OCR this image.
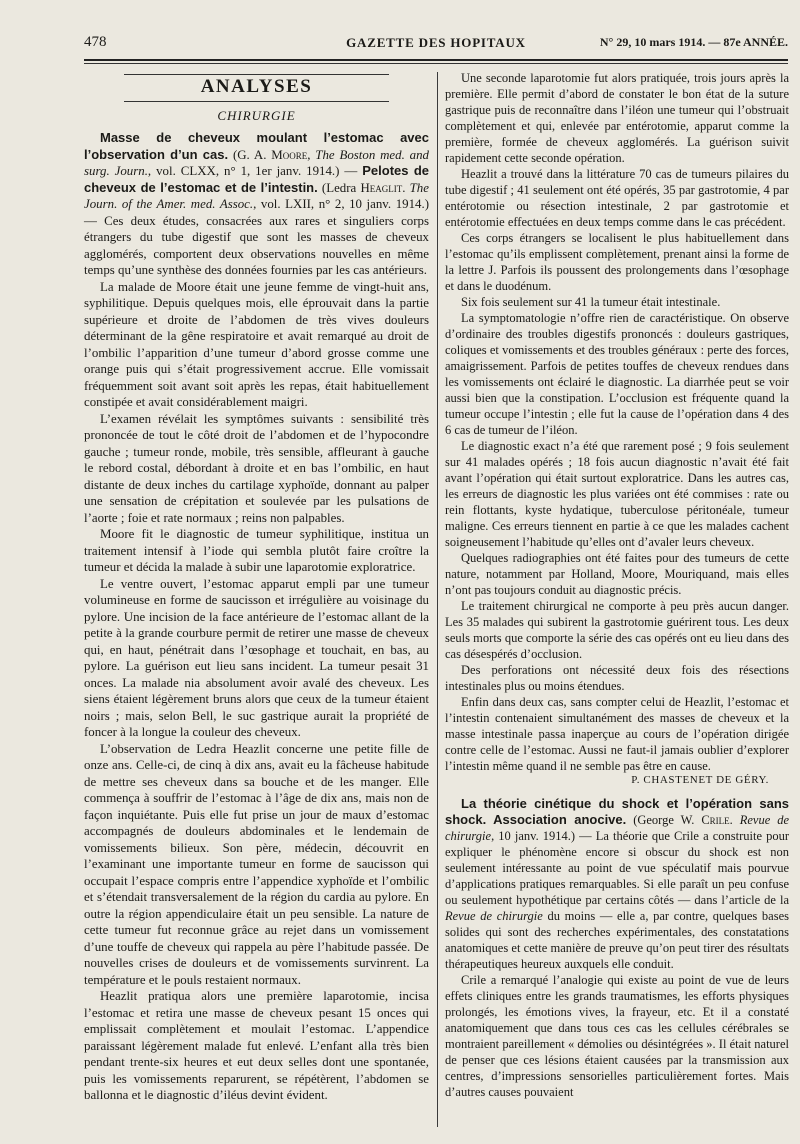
478	GAZETTE DES HOPITAUX	N° 29, 10 mars 1914. — 87e ANNÉE.
ANALYSES
CHIRURGIE

Masse de cheveux moulant l’estomac avec l’observation d’un cas. (G. A. Moore, The Boston med. and surg. Journ., vol. CLXX, n° 1, 1er janv. 1914.) — Pelotes de cheveux de l’estomac et de l’intestin. (Ledra Heaglit. The Journ. of the Amer. med. Assoc., vol. LXII, n° 2, 10 janv. 1914.) — Ces deux études, consacrées aux rares et singuliers corps étrangers du tube digestif que sont les masses de cheveux agglomérés, comportent deux observations nouvelles en même temps qu’une synthèse des données fournies par les cas antérieurs.

La malade de Moore était une jeune femme de vingt-huit ans, syphilitique. Depuis quelques mois, elle éprouvait dans la partie supérieure et droite de l’abdomen de très vives douleurs déterminant de la gêne respiratoire et avait remarqué au droit de l’ombilic l’apparition d’une tumeur d’abord grosse comme une orange puis qui s’était progressivement accrue. Elle vomissait fréquemment soit avant soit après les repas, était habituellement constipée et avait considérablement maigri.

L’examen révélait les symptômes suivants : sensibilité très prononcée de tout le côté droit de l’abdomen et de l’hypocondre gauche ; tumeur ronde, mobile, très sensible, affleurant à gauche le rebord costal, débordant à droite et en bas l’ombilic, en haut distante de deux inches du cartilage xyphoïde, donnant au palper une sensation de crépitation et soulevée par les pulsations de l’aorte ; foie et rate normaux ; reins non palpables.

Moore fit le diagnostic de tumeur syphilitique, institua un traitement intensif à l’iode qui sembla plutôt faire croître la tumeur et décida la malade à subir une laparotomie exploratrice.

Le ventre ouvert, l’estomac apparut empli par une tumeur volumineuse en forme de saucisson et irrégulière au voisinage du pylore. Une incision de la face antérieure de l’estomac allant de la petite à la grande courbure permit de retirer une masse de cheveux qui, en haut, pénétrait dans l’œsophage et touchait, en bas, au pylore. La guérison eut lieu sans incident. La tumeur pesait 31 onces. La malade nia absolument avoir avalé des cheveux. Les siens étaient légèrement bruns alors que ceux de la tumeur étaient noirs ; mais, selon Bell, le suc gastrique aurait la propriété de foncer à la longue la couleur des cheveux.

L’observation de Ledra Heazlit concerne une petite fille de onze ans. Celle-ci, de cinq à dix ans, avait eu la fâcheuse habitude de mettre ses cheveux dans sa bouche et de les manger. Elle commença à souffrir de l’estomac à l’âge de dix ans, mais non de façon inquiétante. Puis elle fut prise un jour de maux d’estomac accompagnés de douleurs abdominales et le lendemain de vomissements bilieux. Son père, médecin, découvrit en l’examinant une importante tumeur en forme de saucisson qui occupait l’espace compris entre l’appendice xyphoïde et l’ombilic et s’étendait transversalement de la région du cardia au pylore. En outre la région appendiculaire était un peu sensible. La nature de cette tumeur fut reconnue grâce au rejet dans un vomissement d’une touffe de cheveux qui rappela au père l’habitude passée. De nouvelles crises de douleurs et de vomissements survinrent. La température et le pouls restaient normaux.

Heazlit pratiqua alors une première laparotomie, incisa l’estomac et retira une masse de cheveux pesant 15 onces qui emplissait complètement et moulait l’estomac. L’appendice paraissant légèrement malade fut enlevé. L’enfant alla très bien pendant trente-six heures et eut deux selles dont une spontanée, puis les vomissements reparurent, se répétèrent, l’abdomen se ballonna et le diagnostic d’iléus devint évident.

Une seconde laparotomie fut alors pratiquée, trois jours après la première. Elle permit d’abord de constater le bon état de la suture gastrique puis de reconnaître dans l’iléon une tumeur qui l’obstruait complètement et qui, enlevée par entérotomie, apparut comme la première, formée de cheveux agglomérés. La guérison suivit rapidement cette seconde opération.

Heazlit a trouvé dans la littérature 70 cas de tumeurs pilaires du tube digestif ; 41 seulement ont été opérés, 35 par gastrotomie, 4 par entérotomie ou résection intestinale, 2 par gastrotomie et entérotomie effectuées en deux temps comme dans le cas précédent.

Ces corps étrangers se localisent le plus habituellement dans l’estomac qu’ils emplissent complètement, prenant ainsi la forme de la lettre J. Parfois ils poussent des prolongements dans l’œsophage et dans le duodénum.

Six fois seulement sur 41 la tumeur était intestinale.

La symptomatologie n’offre rien de caractéristique. On observe d’ordinaire des troubles digestifs prononcés : douleurs gastriques, coliques et vomissements et des troubles généraux : perte des forces, amaigrissement. Parfois de petites touffes de cheveux rendues dans les vomissements ont éclairé le diagnostic. La diarrhée peut se voir aussi bien que la constipation. L’occlusion est fréquente quand la tumeur occupe l’intestin ; elle fut la cause de l’opération dans 4 des 6 cas de tumeur de l’iléon.

Le diagnostic exact n’a été que rarement posé ; 9 fois seulement sur 41 malades opérés ; 18 fois aucun diagnostic n’avait été fait avant l’opération qui était surtout exploratrice. Dans les autres cas, les erreurs de diagnostic les plus variées ont été commises : rate ou rein flottants, kyste hydatique, tuberculose péritonéale, tumeur maligne. Ces erreurs tiennent en partie à ce que les malades cachent soigneusement l’habitude qu’elles ont d’avaler leurs cheveux.

Quelques radiographies ont été faites pour des tumeurs de cette nature, notamment par Holland, Moore, Mouriquand, mais elles n’ont pas toujours conduit au diagnostic précis.

Le traitement chirurgical ne comporte à peu près aucun danger. Les 35 malades qui subirent la gastrotomie guérirent tous. Les deux seuls morts que comporte la série des cas opérés ont eu lieu dans des cas désespérés d’occlusion.

Des perforations ont nécessité deux fois des résections intestinales plus ou moins étendues.

Enfin dans deux cas, sans compter celui de Heazlit, l’estomac et l’intestin contenaient simultanément des masses de cheveux et la masse intestinale passa inaperçue au cours de l’opération dirigée contre celle de l’estomac. Aussi ne faut-il jamais oublier d’explorer l’intestin même quand il ne semble pas être en cause.

P. CHASTENET DE GÉRY.

La théorie cinétique du shock et l’opération sans shock. Association anocive. (George W. Crile. Revue de chirurgie, 10 janv. 1914.) — La théorie que Crile a construite pour expliquer le phénomène encore si obscur du shock est non seulement intéressante au point de vue spéculatif mais pourvue d’applications pratiques remarquables. Si elle paraît un peu confuse ou seulement hypothétique par certains côtés — dans l’article de la Revue de chirurgie du moins — elle a, par contre, quelques bases solides qui sont des recherches expérimentales, des constatations anatomiques et cette manière de preuve qu’on peut tirer des résultats thérapeutiques heureux auxquels elle conduit.

Crile a remarqué l’analogie qui existe au point de vue de leurs effets cliniques entre les grands traumatismes, les efforts physiques prolongés, les émotions vives, la frayeur, etc. Et il a constaté anatomiquement que dans tous ces cas les cellules cérébrales se montraient pareillement « démolies ou désintégrées ». Il était naturel de penser que ces lésions étaient causées par la transmission aux centres, d’impressions sensorielles particulièrement fortes. Mais d’autres causes pouvaient
